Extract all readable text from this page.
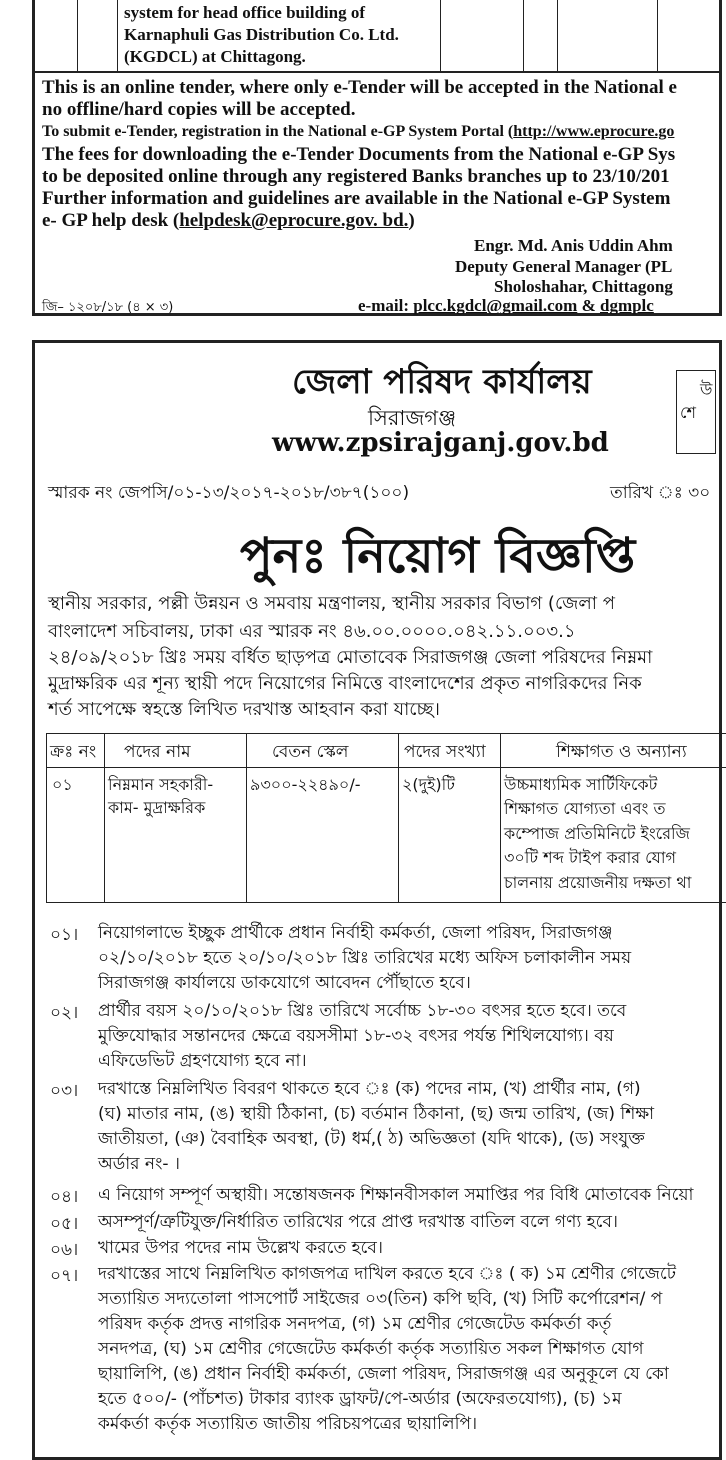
system for head office building of
Karnaphuli Gas Distribution Co. Ltd.
(KGDCL) at Chittagong.
This is an online tender, where only e-Tender will be accepted in the National e
no offline/hard copies will be accepted.
To submit e-Tender, registration in the National e-GP System Portal (http://www.eprocure.go
The fees for downloading the e-Tender Documents from the National e-GP Sys
to be deposited online through any registered Banks branches up to 23/10/201
Further information and guidelines are available in the National e-GP System
e- GP help desk (helpdesk@eprocure.gov. bd.)
Engr. Md. Anis Uddin Ahm
Deputy General Manager (PL
Sholoshahar, Chittagong
জি– ১২০৮/১৮ (৪ × ৩)	e-mail: plcc.kgdcl@gmail.com & dgmplc
জেলা পরিষদ কার্যালয়
সিরাজগঞ্জ
www.zpsirajganj.gov.bd
উ
শে
স্মারক নং জেপসি/০১-১৩/২০১৭-২০১৮/৩৮৭(১০০)	তারিখ ঃ ৩০
পুনঃ নিয়োগ বিজ্ঞপ্তি
স্থানীয় সরকার, পল্লী উন্নয়ন ও সমবায় মন্ত্রণালয়, স্থানীয় সরকার বিভাগ (জেলা প
বাংলাদেশ সচিবালয়, ঢাকা এর স্মারক নং ৪৬.০০.০০০০.০৪২.১১.০০৩.১
২৪/০৯/২০১৮ খ্রিঃ সময় বর্ধিত ছাড়পত্র মোতাবেক সিরাজগঞ্জ জেলা পরিষদের নিম্নমা
মুদ্রাক্ষরিক এর শূন্য স্থায়ী পদে নিয়োগের নিমিত্তে বাংলাদেশের প্রকৃত নাগরিকদের নিক
শর্ত সাপেক্ষে স্বহস্তে লিখিত দরখাস্ত আহবান করা যাচ্ছে।
ক্রঃ নং পদের নাম	বেতন স্কেল	পদের সংখ্যা	শিক্ষাগত ও অন্যান্য
০১ নিম্নমান সহকারী-
কাম- মুদ্রাক্ষরিক
৯৩০০-২২৪৯০/-	২(দুই)টি	উচ্চমাধ্যমিক সার্টিফিকেট
শিক্ষাগত যোগ্যতা এবং ত
কম্পোজ প্রতিমিনিটে ইংরেজি
৩০টি শব্দ টাইপ করার যোগ
চালনায় প্রয়োজনীয় দক্ষতা থা
০১। নিয়োগলাভে ইচ্ছুক প্রার্থীকে প্রধান নির্বাহী কর্মকর্তা, জেলা পরিষদ, সিরাজগঞ্জ
০২/১০/২০১৮ হতে ২০/১০/২০১৮ খ্রিঃ তারিখের মধ্যে অফিস চলাকালীন সময়
সিরাজগঞ্জ কার্যালয়ে ডাকযোগে আবেদন পৌঁছাতে হবে।
০২। প্রার্থীর বয়স ২০/১০/২০১৮ খ্রিঃ তারিখে সর্বোচ্চ ১৮-৩০ বৎসর হতে হবে। তবে
মুক্তিযোদ্ধার সন্তানদের ক্ষেত্রে বয়সসীমা ১৮-৩২ বৎসর পর্যন্ত শিথিলযোগ্য। বয়
এফিডেভিট গ্রহণযোগ্য হবে না।
০৩। দরখাস্তে নিম্নলিখিত বিবরণ থাকতে হবে ঃ (ক) পদের নাম, (খ) প্রার্থীর নাম, (গ)
(ঘ) মাতার নাম, (ঙ) স্থায়ী ঠিকানা, (চ) বর্তমান ঠিকানা, (ছ) জন্ম তারিখ, (জ) শিক্ষা
জাতীয়তা, (ঞ) বৈবাহিক অবস্থা, (ট) ধর্ম,( ঠ) অভিজ্ঞতা (যদি থাকে), (ড) সংযুক্ত
অর্ডার নং- ।
০৪। এ নিয়োগ সম্পূর্ণ অস্থায়ী। সন্তোষজনক শিক্ষানবীসকাল সমাপ্তির পর বিধি মোতাবেক নিয়ো
০৫। অসম্পূর্ণ/ত্রুটিযুক্ত/নির্ধারিত তারিখের পরে প্রাপ্ত দরখাস্ত বাতিল বলে গণ্য হবে।
০৬। খামের উপর পদের নাম উল্লেখ করতে হবে।
০৭। দরখাস্তের সাথে নিম্নলিখিত কাগজপত্র দাখিল করতে হবে ঃ ( ক) ১ম শ্রেণীর গেজেটে
সত্যায়িত সদ্যতোলা পাসপোর্ট সাইজের ০৩(তিন) কপি ছবি, (খ) সিটি কর্পোরেশন/ প
পরিষদ কর্তৃক প্রদত্ত নাগরিক সনদপত্র, (গ) ১ম শ্রেণীর গেজেটেড কর্মকর্তা কর্তৃ
সনদপত্র, (ঘ) ১ম শ্রেণীর গেজেটেড কর্মকর্তা কর্তৃক সত্যায়িত সকল শিক্ষাগত যোগ
ছায়ালিপি, (ঙ) প্রধান নির্বাহী কর্মকর্তা, জেলা পরিষদ, সিরাজগঞ্জ এর অনুকূলে যে কো
হতে ৫০০/- (পাঁচশত) টাকার ব্যাংক ড্রাফট/পে-অর্ডার (অফেরতযোগ্য), (চ) ১ম
কর্মকর্তা কর্তৃক সত্যায়িত জাতীয় পরিচয়পত্রের ছায়ালিপি।
